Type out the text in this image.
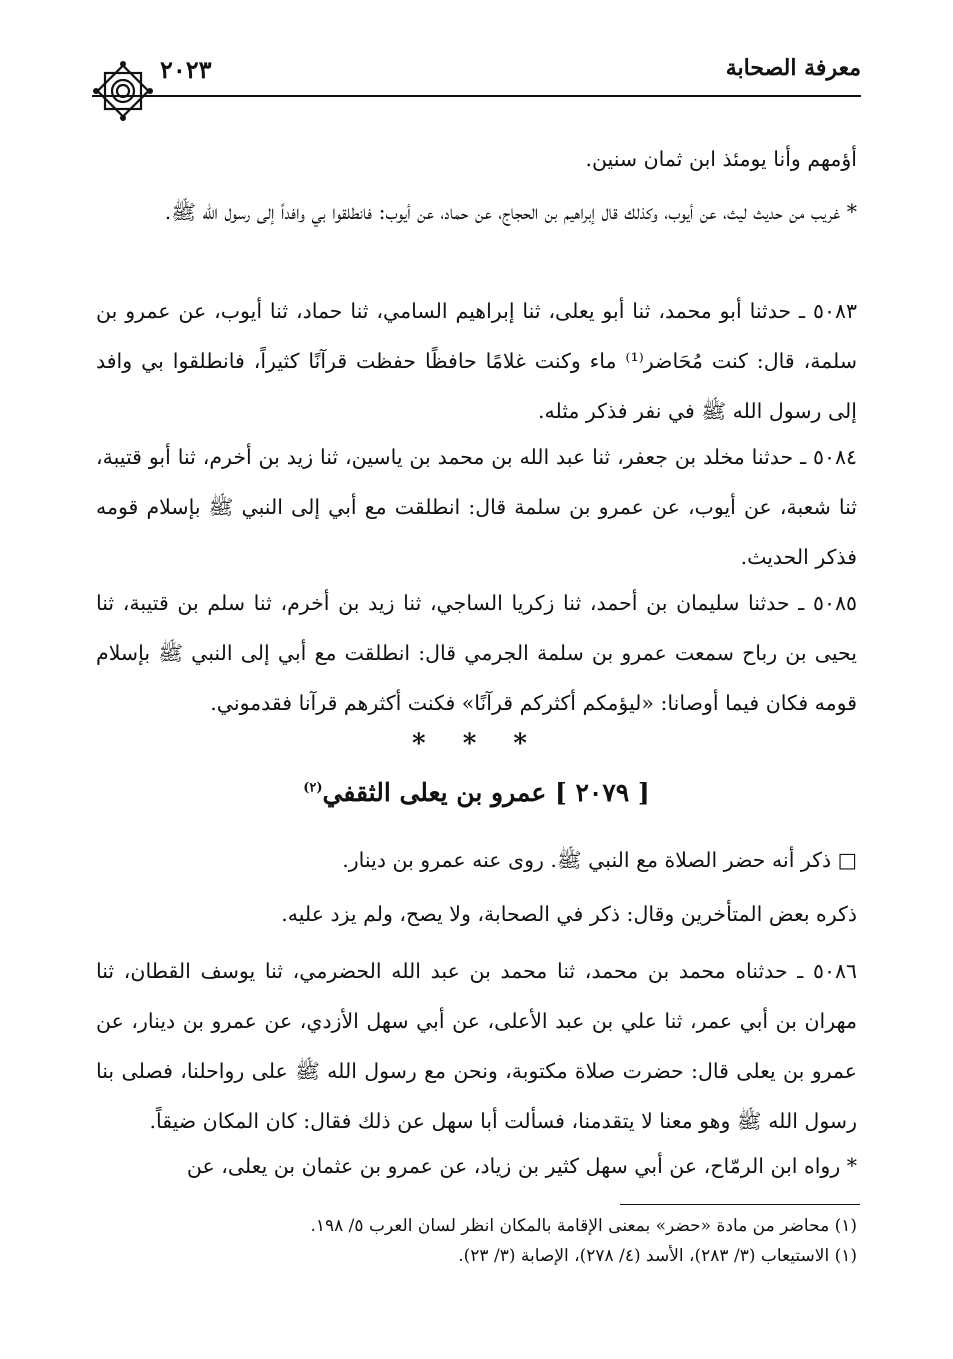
معرفة الصحابة
٢٠٢٣
أؤمهم وأنا يومئذ ابن ثمان سنين.
* غريب من حديث ليث، عن أيوب، وكذلك قال إبراهيم بن الحجاج، عن حماد، عن أيوب: فانطلقوا بي وافداً إلى رسول الله ﷺ.
٥٠٨٣ ـ حدثنا أبو محمد، ثنا أبو يعلى، ثنا إبراهيم السامي، ثنا حماد، ثنا أيوب، عن عمرو بن سلمة، قال: كنت مُحَاضر⁽¹⁾ ماء وكنت غلامًا حافظًا حفظت قرآنًا كثيراً، فانطلقوا بي وافد إلى رسول الله ﷺ في نفر فذكر مثله.
٥٠٨٤ ـ حدثنا مخلد بن جعفر، ثنا عبد الله بن محمد بن ياسين، ثنا زيد بن أخرم، ثنا أبو قتيبة، ثنا شعبة، عن أيوب، عن عمرو بن سلمة قال: انطلقت مع أبي إلى النبي ﷺ بإسلام قومه فذكر الحديث.
٥٠٨٥ ـ حدثنا سليمان بن أحمد، ثنا زكريا الساجي، ثنا زيد بن أخرم، ثنا سلم بن قتيبة، ثنا يحيى بن رباح سمعت عمرو بن سلمة الجرمي قال: انطلقت مع أبي إلى النبي ﷺ بإسلام قومه فكان فيما أوصانا: «ليؤمكم أكثركم قرآنًا» فكنت أكثرهم قرآنا فقدموني.
* * *
[ ٢٠٧٩ ] عمرو بن يعلى الثقفي$^{(٢)}$
□ ذكر أنه حضر الصلاة مع النبي ﷺ. روى عنه عمرو بن دينار.
ذكره بعض المتأخرين وقال: ذكر في الصحابة، ولا يصح، ولم يزد عليه.
٥٠٨٦ ـ حدثناه محمد بن محمد، ثنا محمد بن عبد الله الحضرمي، ثنا يوسف القطان، ثنا مهران بن أبي عمر، ثنا علي بن عبد الأعلى، عن أبي سهل الأزدي، عن عمرو بن دينار، عن عمرو بن يعلى قال: حضرت صلاة مكتوبة، ونحن مع رسول الله ﷺ على رواحلنا، فصلى بنا رسول الله ﷺ وهو معنا لا يتقدمنا، فسألت أبا سهل عن ذلك فقال: كان المكان ضيقاً.
* رواه ابن الرمّاح، عن أبي سهل كثير بن زياد، عن عمرو بن عثمان بن يعلى، عن
(١) محاضر من مادة «حضر» بمعنى الإقامة بالمكان انظر لسان العرب ٥/ ١٩٨.
(١) الاستيعاب (٣/ ٢٨٣)، الأسد (٤/ ٢٧٨)، الإصابة (٣/ ٢٣).
